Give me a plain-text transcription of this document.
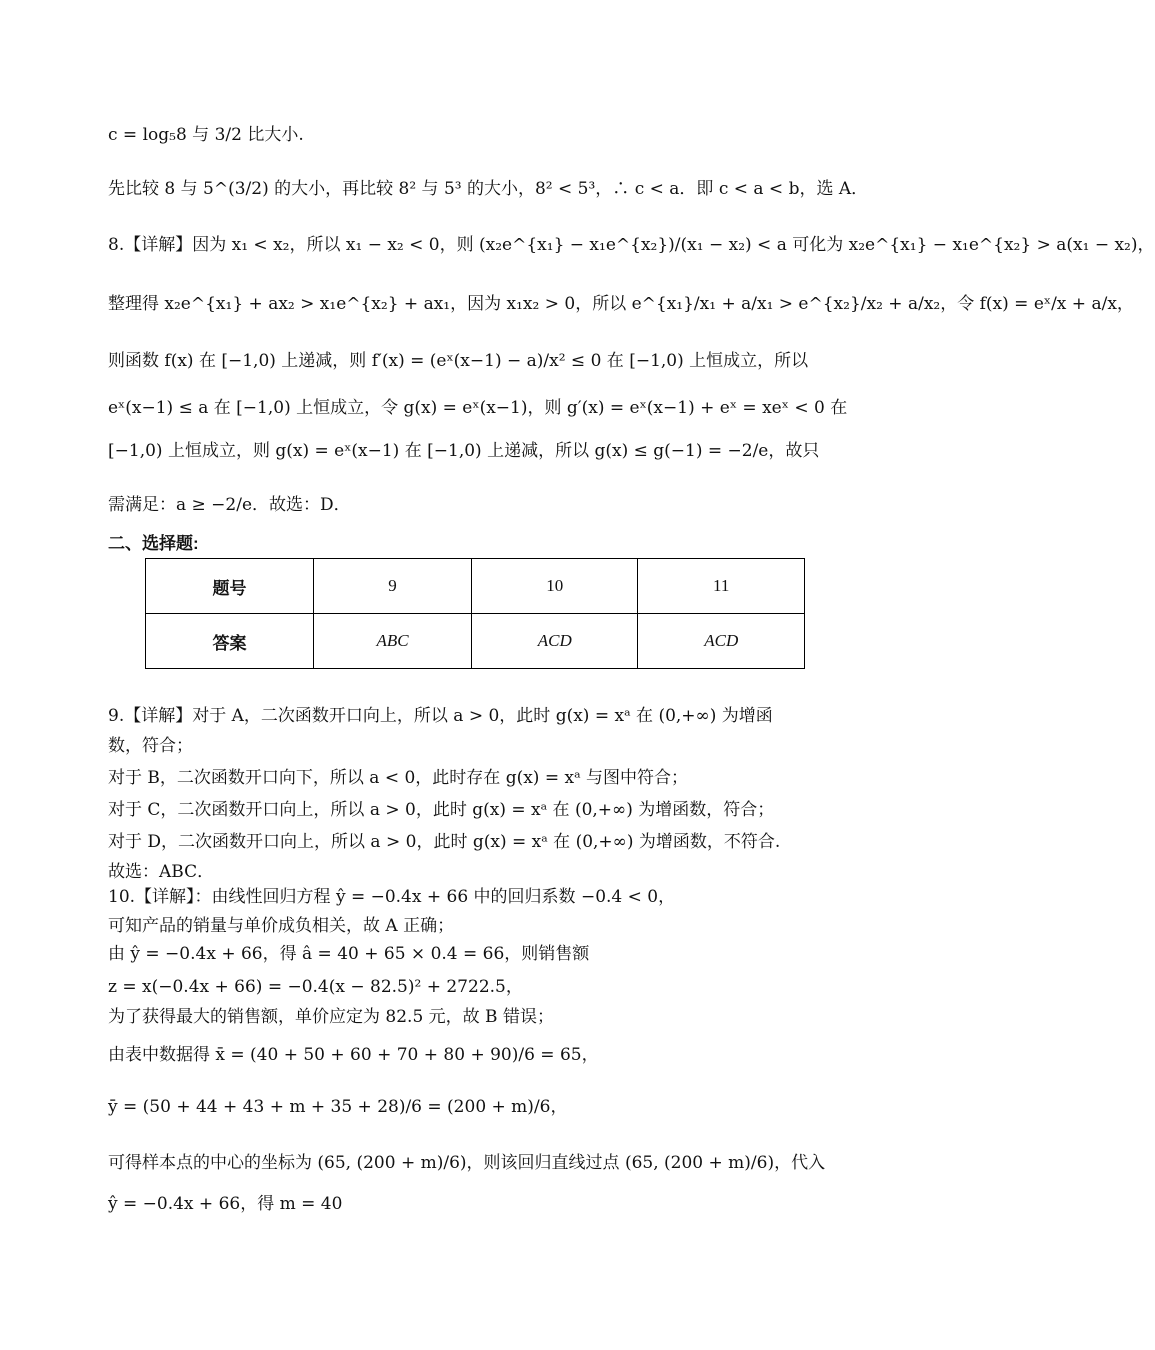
c = log₅8 与 3/2 比大小.
先比较 8 与 5^(3/2) 的大小，再比较 8² 与 5³ 的大小，8² < 5³，∴ c < a．即 c < a < b，选 A．
8.【详解】因为 x₁ < x₂，所以 x₁ − x₂ < 0，则 (x₂e^{x₁} − x₁e^{x₂})/(x₁ − x₂) < a 可化为 x₂e^{x₁} − x₁e^{x₂} > a(x₁ − x₂)，
整理得 x₂e^{x₁} + ax₂ > x₁e^{x₂} + ax₁，因为 x₁x₂ > 0，所以 e^{x₁}/x₁ + a/x₁ > e^{x₂}/x₂ + a/x₂，令 f(x) = eˣ/x + a/x，
则函数 f(x) 在 [−1,0) 上递减，则 f′(x) = (eˣ(x−1) − a)/x² ≤ 0 在 [−1,0) 上恒成立，所以
eˣ(x−1) ≤ a 在 [−1,0) 上恒成立，令 g(x) = eˣ(x−1)，则 g′(x) = eˣ(x−1) + eˣ = xeˣ < 0 在
[−1,0) 上恒成立，则 g(x) = eˣ(x−1) 在 [−1,0) 上递减，所以 g(x) ≤ g(−1) = −2/e，故只
需满足：a ≥ −2/e．故选：D．
二、选择题:
题号	9	10	11
答案	ABC	ACD	ACD
9.【详解】对于 A，二次函数开口向上，所以 a > 0，此时 g(x) = xᵃ 在 (0,+∞) 为增函
数，符合；
对于 B，二次函数开口向下，所以 a < 0，此时存在 g(x) = xᵃ 与图中符合；
对于 C，二次函数开口向上，所以 a > 0，此时 g(x) = xᵃ 在 (0,+∞) 为增函数，符合；
对于 D，二次函数开口向上，所以 a > 0，此时 g(x) = xᵃ 在 (0,+∞) 为增函数，不符合.
故选：ABC．
10.【详解】：由线性回归方程 ŷ = −0.4x + 66 中的回归系数 −0.4 < 0，
可知产品的销量与单价成负相关，故 A 正确；
由 ŷ = −0.4x + 66，得 â = 40 + 65 × 0.4 = 66，则销售额
z = x(−0.4x + 66) = −0.4(x − 82.5)² + 2722.5，
为了获得最大的销售额，单价应定为 82.5 元，故 B 错误；
由表中数据得 x̄ = (40 + 50 + 60 + 70 + 80 + 90)/6 = 65，
ȳ = (50 + 44 + 43 + m + 35 + 28)/6 = (200 + m)/6，
可得样本点的中心的坐标为 (65, (200 + m)/6)，则该回归直线过点 (65, (200 + m)/6)，代入
ŷ = −0.4x + 66，得 m = 40
